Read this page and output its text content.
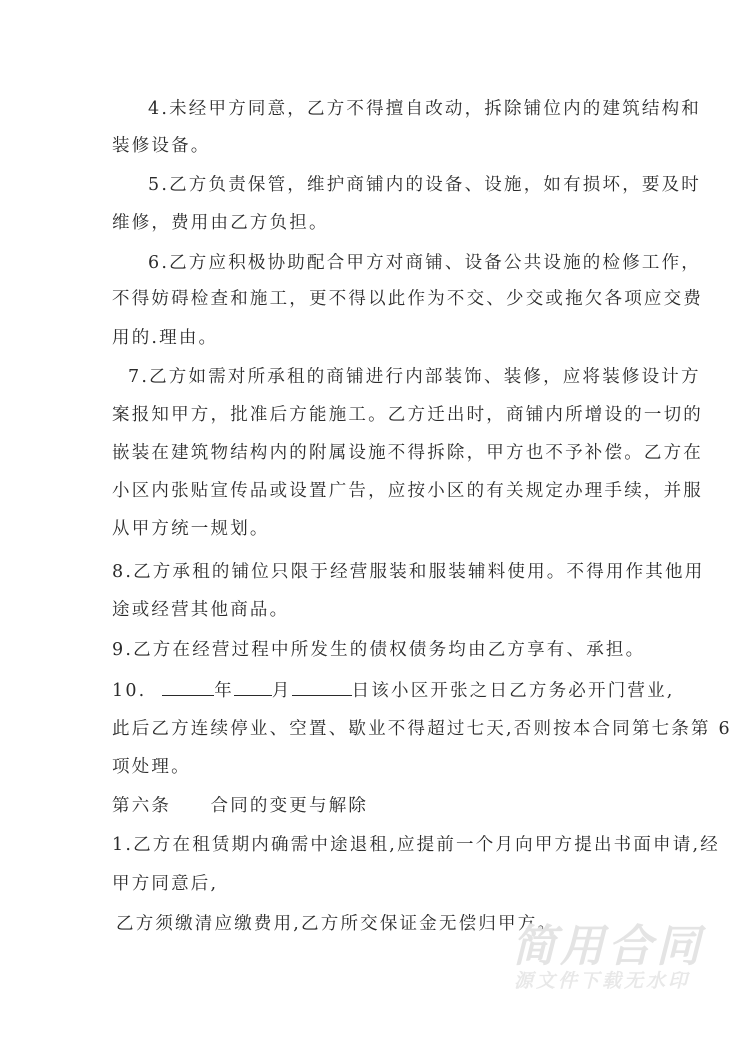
4.未经甲方同意，乙方不得擅自改动，拆除铺位内的建筑结构和
装修设备。
5.乙方负责保管，维护商铺内的设备、设施，如有损坏，要及时
维修，费用由乙方负担。
6.乙方应积极协助配合甲方对商铺、设备公共设施的检修工作，
不得妨碍检查和施工，更不得以此作为不交、少交或拖欠各项应交费
用的.理由。
7.乙方如需对所承租的商铺进行内部装饰、装修，应将装修设计方
案报知甲方，批准后方能施工。乙方迁出时，商铺内所增设的一切的
嵌装在建筑物结构内的附属设施不得拆除，甲方也不予补偿。乙方在
小区内张贴宣传品或设置广告，应按小区的有关规定办理手续，并服
从甲方统一规划。
8.乙方承租的铺位只限于经营服装和服装辅料使用。不得用作其他用
途或经营其他商品。
9.乙方在经营过程中所发生的债权债务均由乙方享有、承担。
此后乙方连续停业、空置、歇业不得超过七天,否则按本合同第七条第 6
项处理。
第六条　　合同的变更与解除
1.乙方在租赁期内确需中途退租,应提前一个月向甲方提出书面申请,经
甲方同意后,
乙方须缴清应缴费用,乙方所交保证金无偿归甲方。
10.	年 月	日该小区开张之日乙方务必开门营业,
简用合同
源文件下载无水印
